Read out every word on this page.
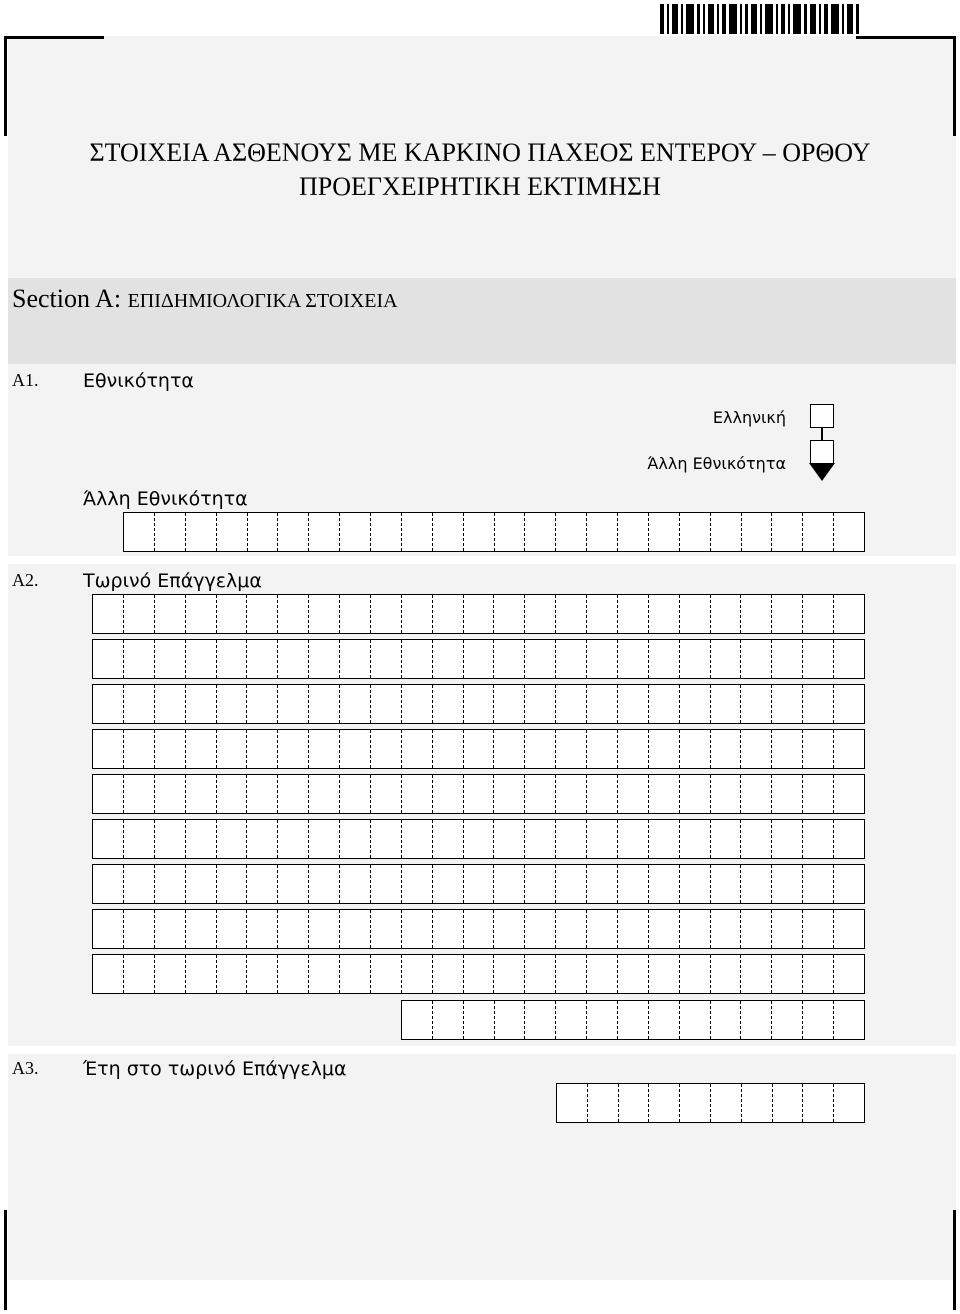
ΣΤΟΙΧΕΙΑ ΑΣΘΕΝΟΥΣ ΜΕ ΚΑΡΚΙΝΟ ΠΑΧΕΟΣ ΕΝΤΕΡΟΥ – ΟΡΘΟΥ
ΠΡΟΕΓΧΕΙΡΗΤΙΚΗ ΕΚΤΙΜΗΣΗ
Section A: ΕΠΙΔΗΜΙΟΛΟΓΙΚΑ ΣΤΟΙΧΕΙΑ
A1. Εθνικότητα
Ελληνική
Άλλη Εθνικότητα
Άλλη Εθνικότητα
A2. Τωρινό Επάγγελμα
A3. Έτη στο τωρινό Επάγγελμα
